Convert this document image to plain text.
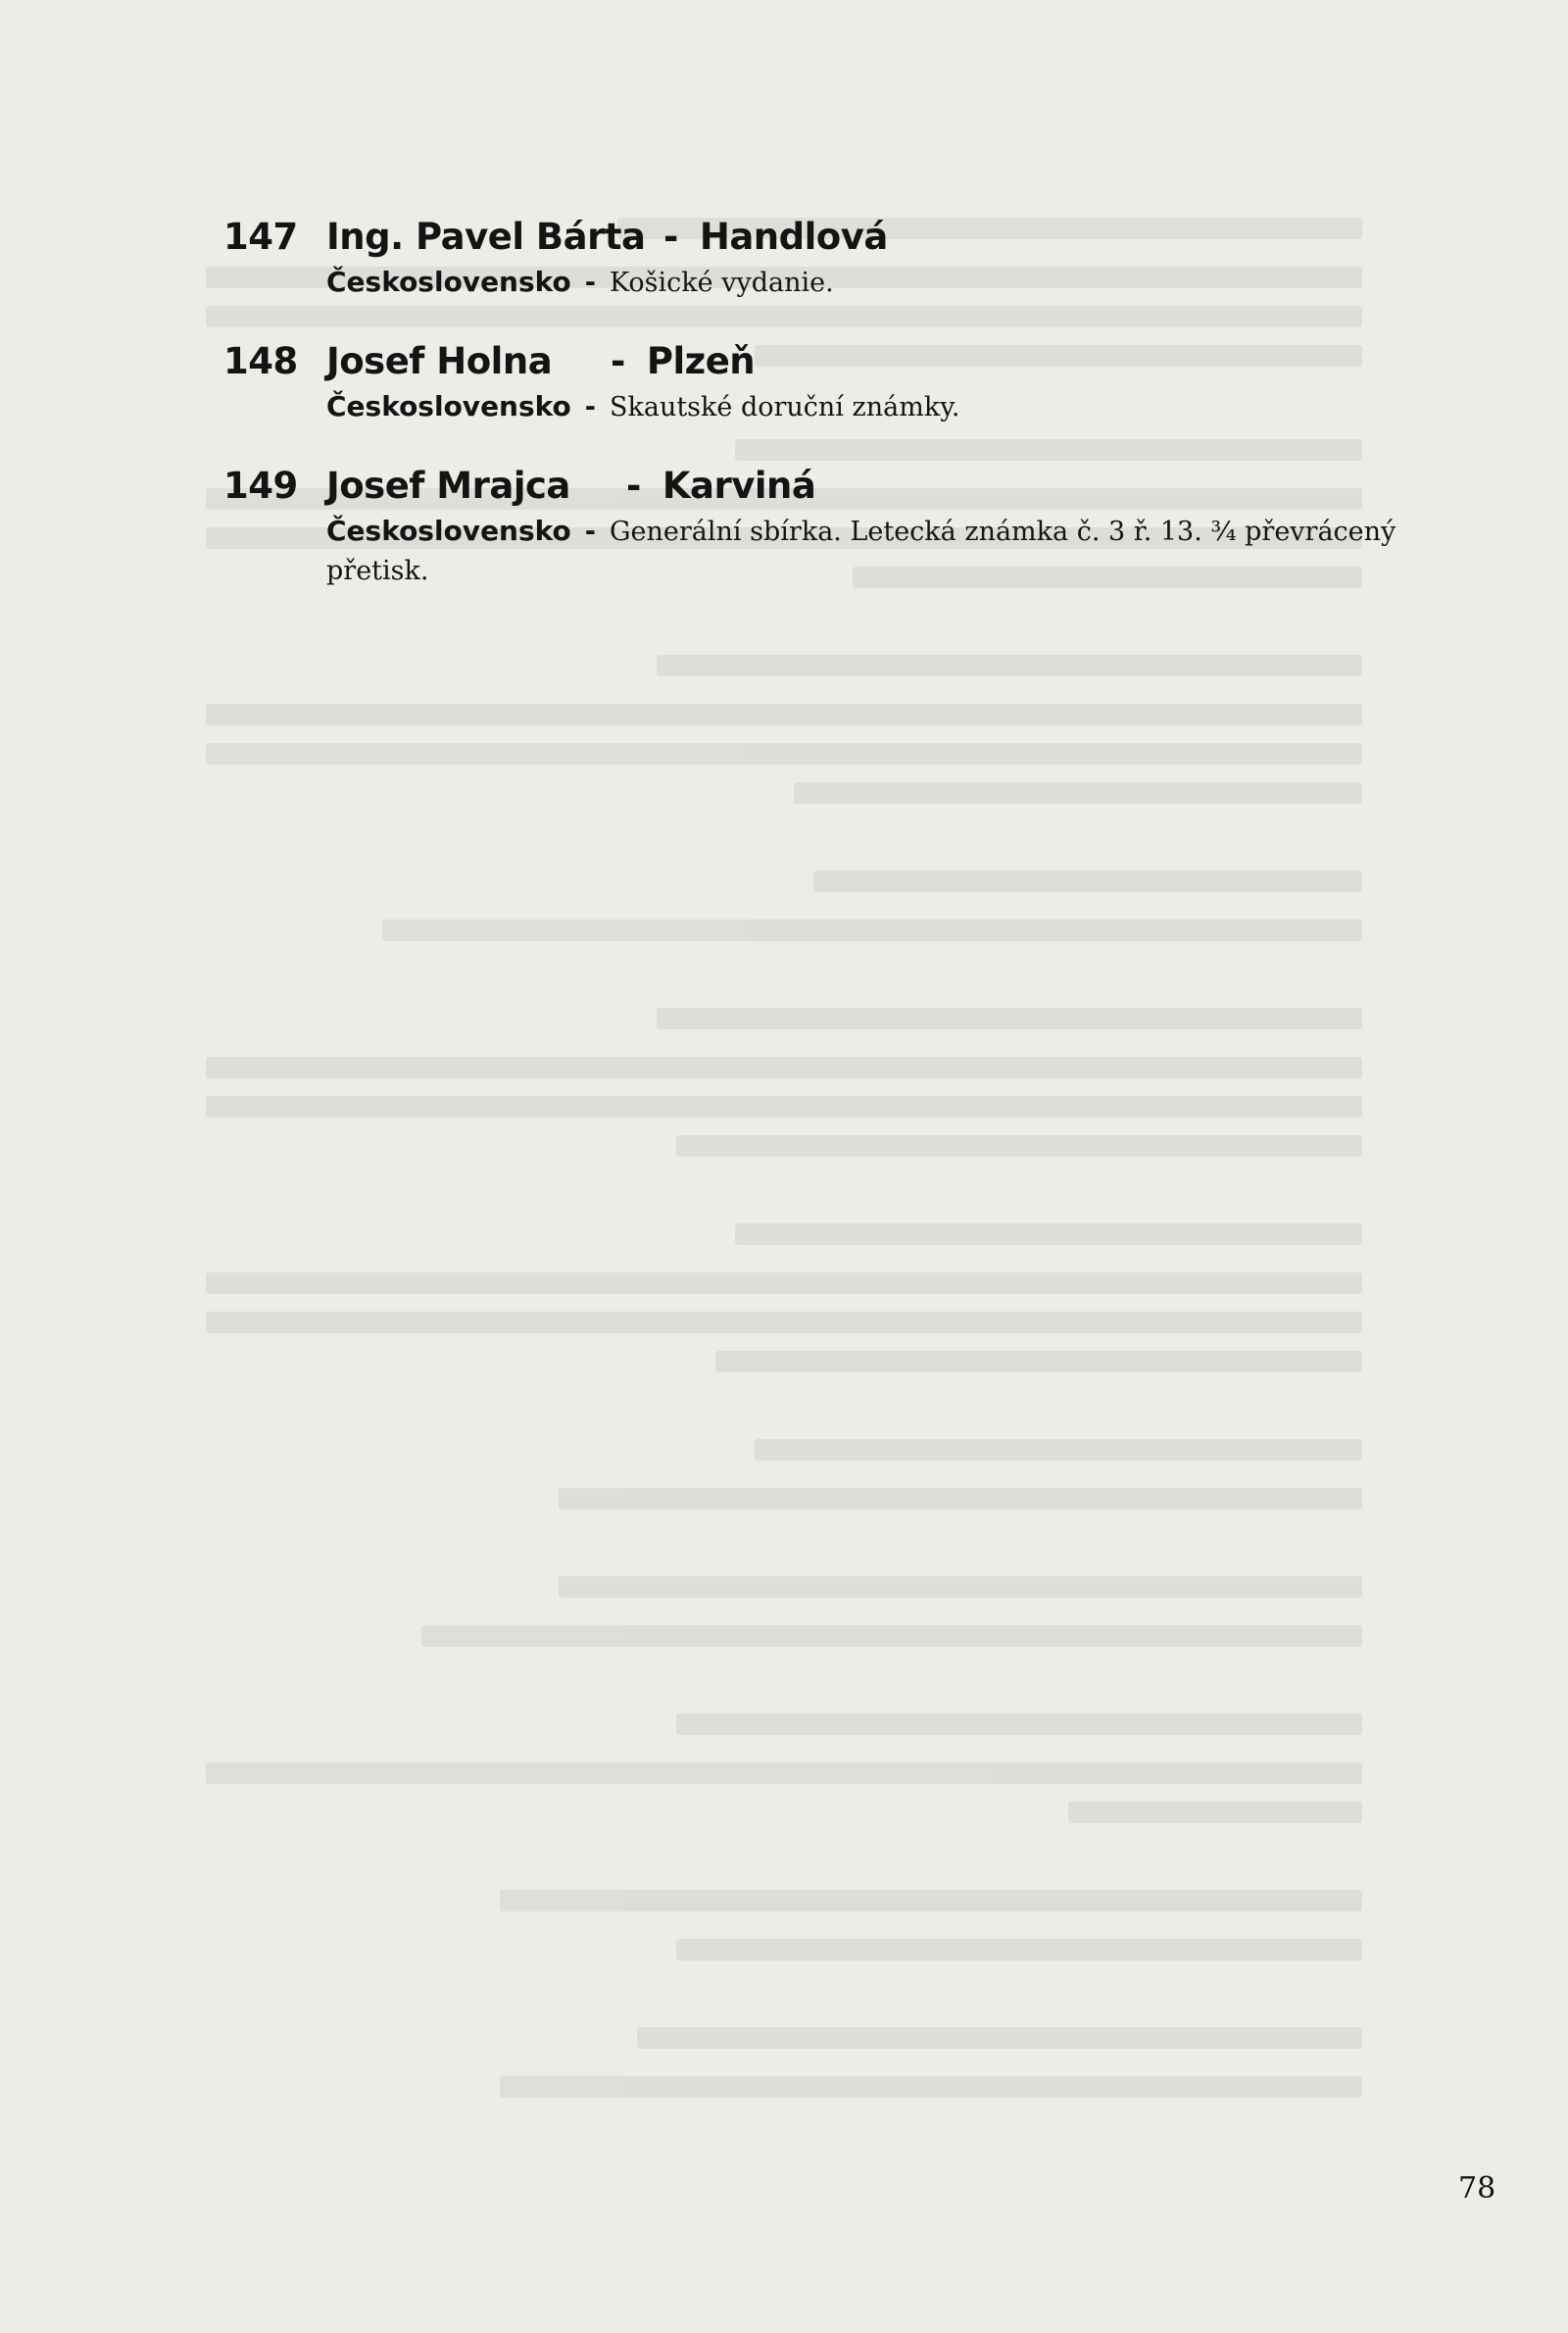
147 Ing. Pavel Bárta - Handlová
Československo - Košické vydanie.
148 Josef Holna	- Plzeň
Československo - Skautské doruční známky.
149 Josef Mrajca	- Karviná
Československo - Generální sbírka. Letecká známka č. 3 ř. 13. ¾ převrácený přetisk.
78
